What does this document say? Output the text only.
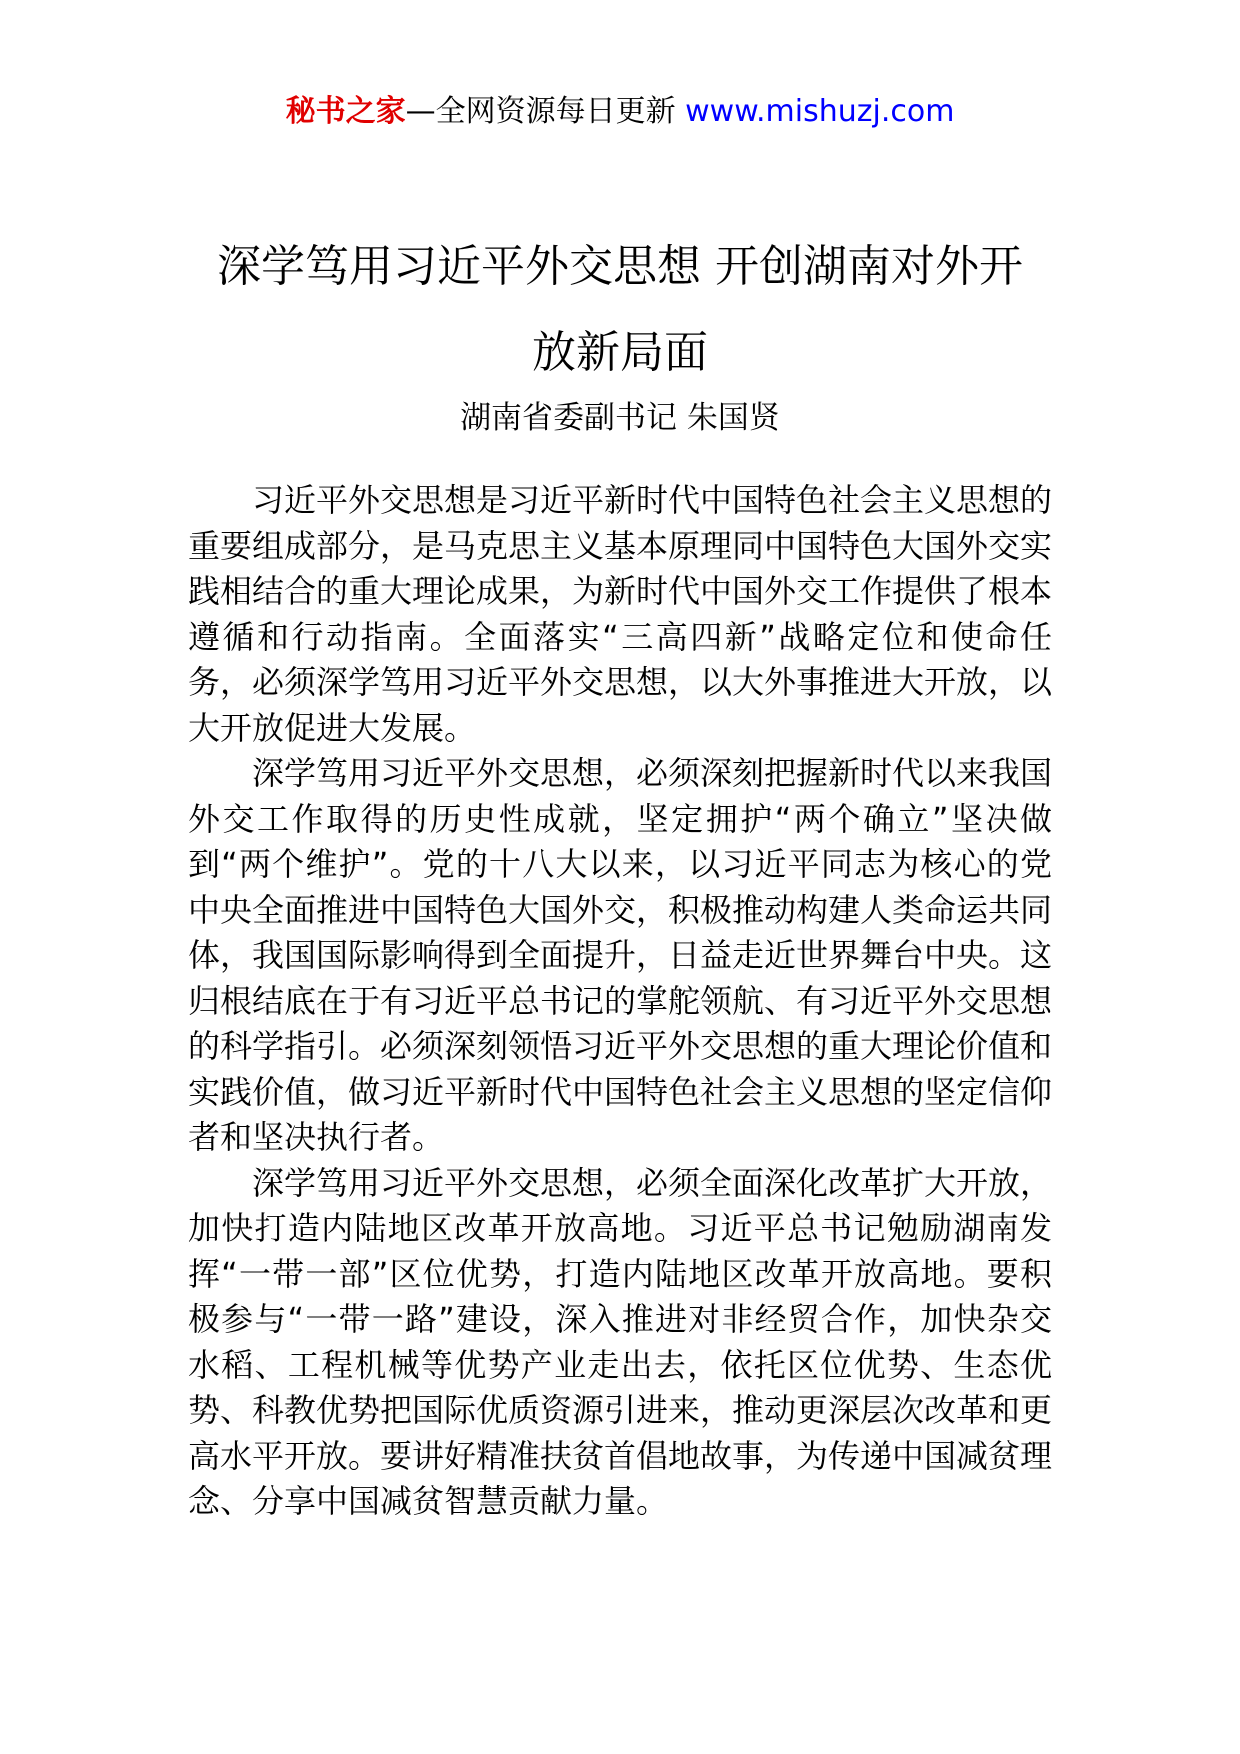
秘书之家—全网资源每日更新 www.mishuzj.com
深学笃用习近平外交思想 开创湖南对外开
放新局面
湖南省委副书记 朱国贤

习近平外交思想是习近平新时代中国特色社会主义思想的重要组成部分，是马克思主义基本原理同中国特色大国外交实践相结合的重大理论成果，为新时代中国外交工作提供了根本遵循和行动指南。全面落实“三高四新”战略定位和使命任务，必须深学笃用习近平外交思想，以大外事推进大开放，以大开放促进大发展。

深学笃用习近平外交思想，必须深刻把握新时代以来我国外交工作取得的历史性成就，坚定拥护“两个确立”坚决做到“两个维护”。党的十八大以来，以习近平同志为核心的党中央全面推进中国特色大国外交，积极推动构建人类命运共同体，我国国际影响得到全面提升，日益走近世界舞台中央。这归根结底在于有习近平总书记的掌舵领航、有习近平外交思想的科学指引。必须深刻领悟习近平外交思想的重大理论价值和实践价值，做习近平新时代中国特色社会主义思想的坚定信仰者和坚决执行者。

深学笃用习近平外交思想，必须全面深化改革扩大开放，加快打造内陆地区改革开放高地。习近平总书记勉励湖南发挥“一带一部”区位优势，打造内陆地区改革开放高地。要积极参与“一带一路”建设，深入推进对非经贸合作，加快杂交水稻、工程机械等优势产业走出去，依托区位优势、生态优势、科教优势把国际优质资源引进来，推动更深层次改革和更高水平开放。要讲好精准扶贫首倡地故事，为传递中国减贫理念、分享中国减贫智慧贡献力量。
